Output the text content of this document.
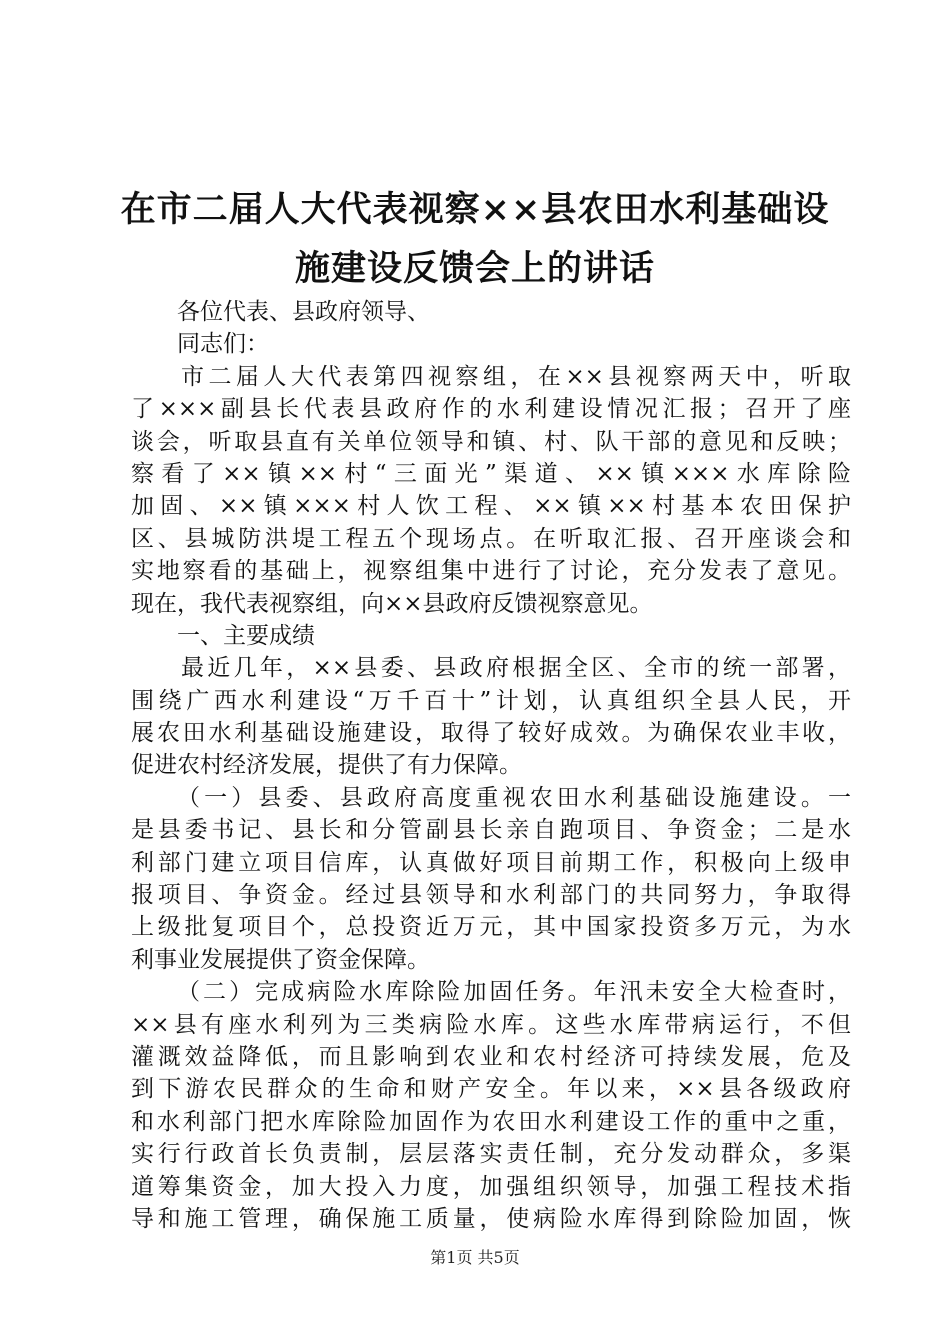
在市二届人大代表视察××县农田水利基础设
施建设反馈会上的讲话
各位代表、县政府领导、
同志们：
市二届人大代表第四视察组，在××县视察两天中，听取
了×××副县长代表县政府作的水利建设情况汇报；召开了座
谈会，听取县直有关单位领导和镇、村、队干部的意见和反映；
察看了××镇××村“三面光”渠道、××镇×××水库除险
加固、××镇×××村人饮工程、××镇××村基本农田保护
区、县城防洪堤工程五个现场点。在听取汇报、召开座谈会和
实地察看的基础上，视察组集中进行了讨论，充分发表了意见。
现在，我代表视察组，向××县政府反馈视察意见。
一、主要成绩
最近几年，××县委、县政府根据全区、全市的统一部署，
围绕广西水利建设“万千百十”计划，认真组织全县人民，开
展农田水利基础设施建设，取得了较好成效。为确保农业丰收，
促进农村经济发展，提供了有力保障。
（一）县委、县政府高度重视农田水利基础设施建设。一
是县委书记、县长和分管副县长亲自跑项目、争资金；二是水
利部门建立项目信库，认真做好项目前期工作，积极向上级申
报项目、争资金。经过县领导和水利部门的共同努力，争取得
上级批复项目个，总投资近万元，其中国家投资多万元，为水
利事业发展提供了资金保障。
（二）完成病险水库除险加固任务。年汛未安全大检查时，
××县有座水利列为三类病险水库。这些水库带病运行，不但
灌溉效益降低，而且影响到农业和农村经济可持续发展，危及
到下游农民群众的生命和财产安全。年以来，××县各级政府
和水利部门把水库除险加固作为农田水利建设工作的重中之重，
实行行政首长负责制，层层落实责任制，充分发动群众，多渠
道筹集资金，加大投入力度，加强组织领导，加强工程技术指
导和施工管理，确保施工质量，使病险水库得到除险加固，恢
第1页 共5页
